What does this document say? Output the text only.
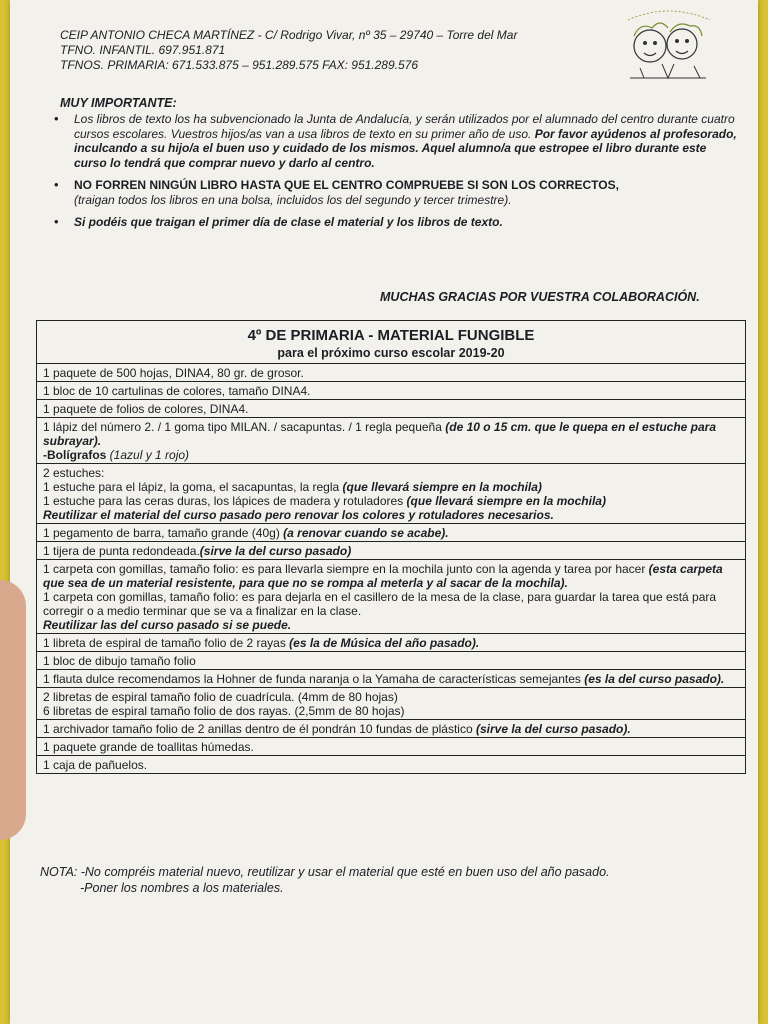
CEIP ANTONIO CHECA MARTÍNEZ - C/ Rodrigo Vivar, nº 35 – 29740 – Torre del Mar
TFNO. INFANTIL. 697.951.871
TFNOS. PRIMARIA: 671.533.875 – 951.289.575 FAX: 951.289.576
MUY IMPORTANTE:
•	Los libros de texto los ha subvencionado la Junta de Andalucía, y serán utilizados por el alumnado del centro durante cuatro cursos escolares. Vuestros hijos/as van a usa libros de texto en su primer año de uso. Por favor ayúdenos al profesorado, inculcando a su hijo/a el buen uso y cuidado de los mismos. Aquel alumno/a que estropee el libro durante este curso lo tendrá que comprar nuevo y darlo al centro.
•	NO FORREN NINGÚN LIBRO HASTA QUE EL CENTRO COMPRUEBE SI SON LOS CORRECTOS,
(traigan todos los libros en una bolsa, incluidos los del segundo y tercer trimestre).
•	Si podéis que traigan el primer día de clase el material y los libros de texto.
MUCHAS GRACIAS POR VUESTRA COLABORACIÓN.
4º DE PRIMARIA - MATERIAL FUNGIBLE
para el próximo curso escolar 2019-20
1 paquete de 500 hojas, DINA4, 80 gr. de grosor.
1 bloc de 10 cartulinas de colores, tamaño DINA4.
1 paquete de folios de colores, DINA4.
1 lápiz del número 2. / 1 goma tipo MILAN. / sacapuntas. / 1 regla pequeña (de 10 o 15 cm. que le quepa en el estuche para subrayar).
-Bolígrafos (1azul y 1 rojo)
2 estuches:
1 estuche para el lápiz, la goma, el sacapuntas, la regla (que llevará siempre en la mochila)
1 estuche para las ceras duras, los lápices de madera y rotuladores (que llevará siempre en la mochila)
Reutilizar el material del curso pasado pero renovar los colores y rotuladores necesarios.
1 pegamento de barra, tamaño grande (40g) (a renovar cuando se acabe).
1 tijera de punta redondeada.(sirve la del curso pasado)
1 carpeta con gomillas, tamaño folio: es para llevarla siempre en la mochila junto con la agenda y tarea por hacer (esta carpeta que sea de un material resistente, para que no se rompa al meterla y al sacar de la mochila).
1 carpeta con gomillas, tamaño folio: es para dejarla en el casillero de la mesa de la clase, para guardar la tarea que está para corregir o a medio terminar que se va a finalizar en la clase.
Reutilizar las del curso pasado si se puede.
1 libreta de espiral de tamaño folio de 2 rayas (es la de Música del año pasado).
1 bloc de dibujo tamaño folio
1 flauta dulce recomendamos la Hohner de funda naranja o la Yamaha de características semejantes (es la del curso pasado).
2 libretas de espiral tamaño folio de cuadrícula. (4mm de 80 hojas)
6 libretas de espiral tamaño folio de dos rayas. (2,5mm de 80 hojas)
1 archivador tamaño folio de 2 anillas dentro de él pondrán 10 fundas de plástico (sirve la del curso pasado).
1 paquete grande de toallitas húmedas.
1 caja de pañuelos.
NOTA: -No compréis material nuevo, reutilizar y usar el material que esté en buen uso del año pasado.
-Poner los nombres a los materiales.
